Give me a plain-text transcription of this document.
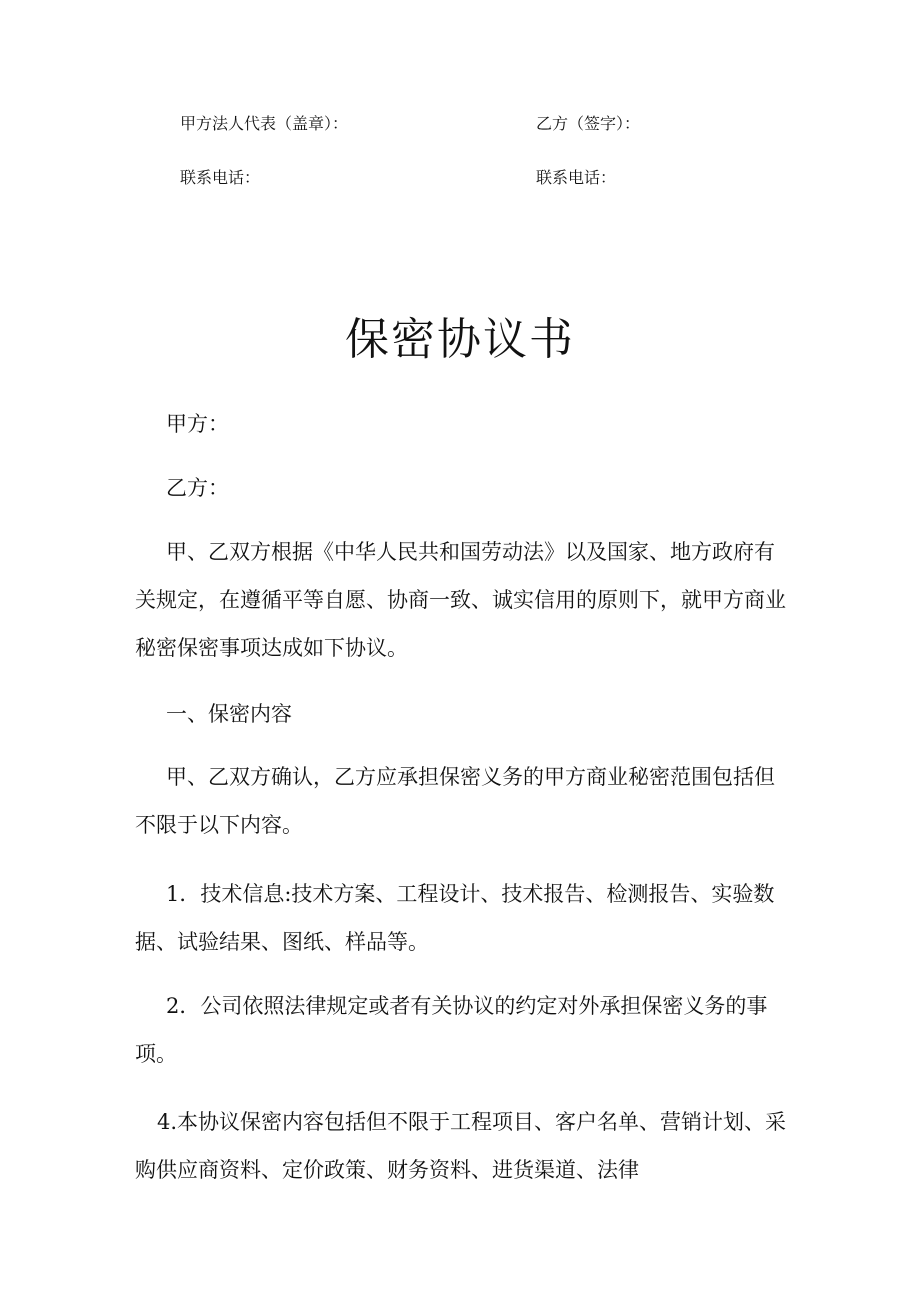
甲方法人代表（盖章）：	乙方（签字）：
联系电话：	联系电话：
保密协议书

甲方：

乙方：

甲、乙双方根据《中华人民共和国劳动法》以及国家、地方政府有关规定，在遵循平等自愿、协商一致、诚实信用的原则下，就甲方商业秘密保密事项达成如下协议。

一、保密内容

甲、乙双方确认，乙方应承担保密义务的甲方商业秘密范围包括但不限于以下内容。

1．技术信息:技术方案、工程设计、技术报告、检测报告、实验数据、试验结果、图纸、样品等。

2．公司依照法律规定或者有关协议的约定对外承担保密义务的事项。

4.本协议保密内容包括但不限于工程项目、客户名单、营销计划、采购供应商资料、定价政策、财务资料、进货渠道、法律
